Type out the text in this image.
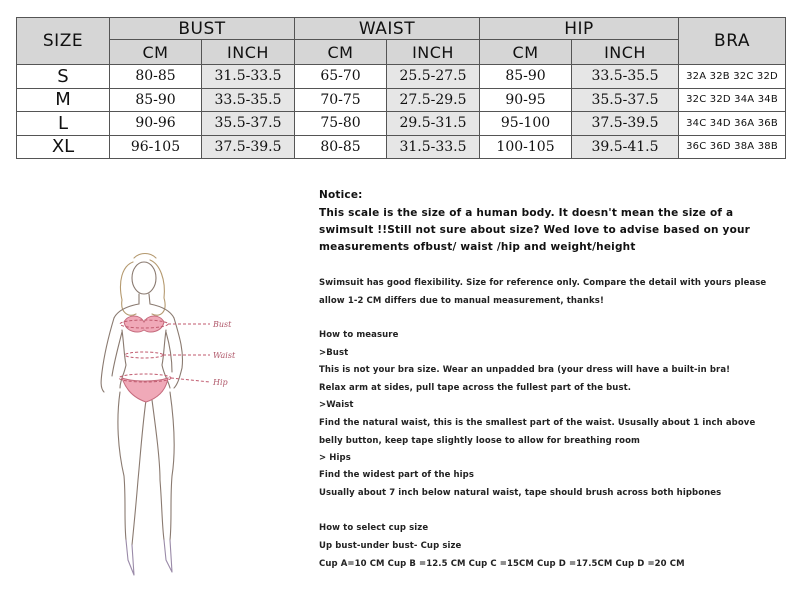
SIZE	BUST		WAIST		HIP		BRA
	CM	INCH	CM	INCH	CM	INCH	
S	80-85	31.5-33.5	65-70	25.5-27.5	85-90	33.5-35.5	32A 32B 32C 32D
M	85-90	33.5-35.5	70-75	27.5-29.5	90-95	35.5-37.5	32C 32D 34A 34B
L	90-96	35.5-37.5	75-80	29.5-31.5	95-100	37.5-39.5	34C 34D 36A 36B
XL	96-105	37.5-39.5	80-85	31.5-33.5	100-105	39.5-41.5	36C 36D 38A 38B
Bust
Waist
Hip
Notice:
This scale is the size of a human body. It doesn't mean the size of a
swimsult !!Still not sure about size? Wed love to advise based on your
measurements ofbust/ waist /hip and weight/height
Swimsuit has good flexibility. Size for reference only. Compare the detail with yours please
allow 1-2 CM differs due to manual measurement, thanks!
How to measure
>Bust
This is not your bra size. Wear an unpadded bra (your dress will have a built-in bra!
Relax arm at sides, pull tape across the fullest part of the bust.
>Waist
Find the natural waist, this is the smallest part of the waist. Ususally about 1 inch above
belly button, keep tape slightly loose to allow for breathing room
> Hips
Find the widest part of the hips
Usually about 7 inch below natural waist, tape should brush across both hipbones
How to select cup size
Up bust-under bust- Cup size
Cup A=10 CM Cup B =12.5 CM Cup C =15CM Cup D =17.5CM Cup D =20 CM
